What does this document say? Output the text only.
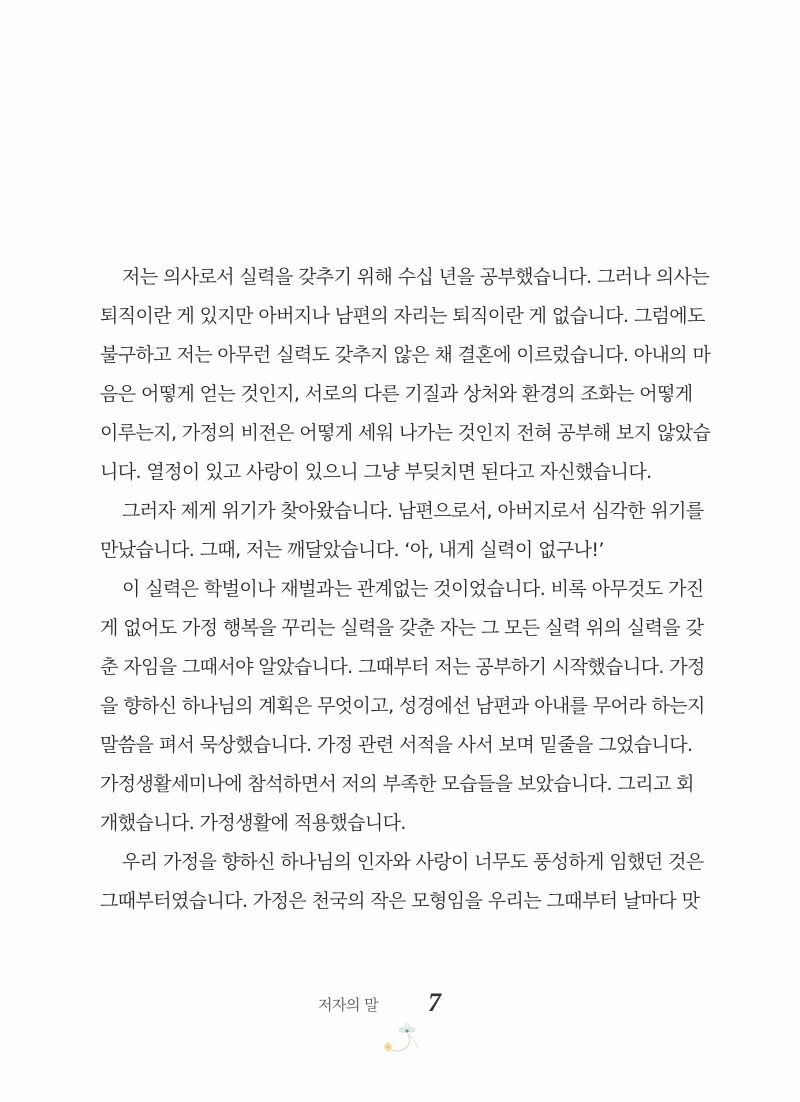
저는 의사로서 실력을 갖추기 위해 수십 년을 공부했습니다. 그러나 의사는
퇴직이란 게 있지만 아버지나 남편의 자리는 퇴직이란 게 없습니다. 그럼에도
불구하고 저는 아무런 실력도 갖추지 않은 채 결혼에 이르렀습니다. 아내의 마
음은 어떻게 얻는 것인지, 서로의 다른 기질과 상처와 환경의 조화는 어떻게
이루는지, 가정의 비전은 어떻게 세워 나가는 것인지 전혀 공부해 보지 않았습
니다. 열정이 있고 사랑이 있으니 그냥 부딪치면 된다고 자신했습니다.
그러자 제게 위기가 찾아왔습니다. 남편으로서, 아버지로서 심각한 위기를
만났습니다. 그때, 저는 깨달았습니다. ‘아, 내게 실력이 없구나!’
이 실력은 학벌이나 재벌과는 관계없는 것이었습니다. 비록 아무것도 가진
게 없어도 가정 행복을 꾸리는 실력을 갖춘 자는 그 모든 실력 위의 실력을 갖
춘 자임을 그때서야 알았습니다. 그때부터 저는 공부하기 시작했습니다. 가정
을 향하신 하나님의 계획은 무엇이고, 성경에선 남편과 아내를 무어라 하는지
말씀을 펴서 묵상했습니다. 가정 관련 서적을 사서 보며 밑줄을 그었습니다.
가정생활세미나에 참석하면서 저의 부족한 모습들을 보았습니다. 그리고 회
개했습니다. 가정생활에 적용했습니다.
우리 가정을 향하신 하나님의 인자와 사랑이 너무도 풍성하게 임했던 것은
그때부터였습니다. 가정은 천국의 작은 모형임을 우리는 그때부터 날마다 맛
저자의 말 7
